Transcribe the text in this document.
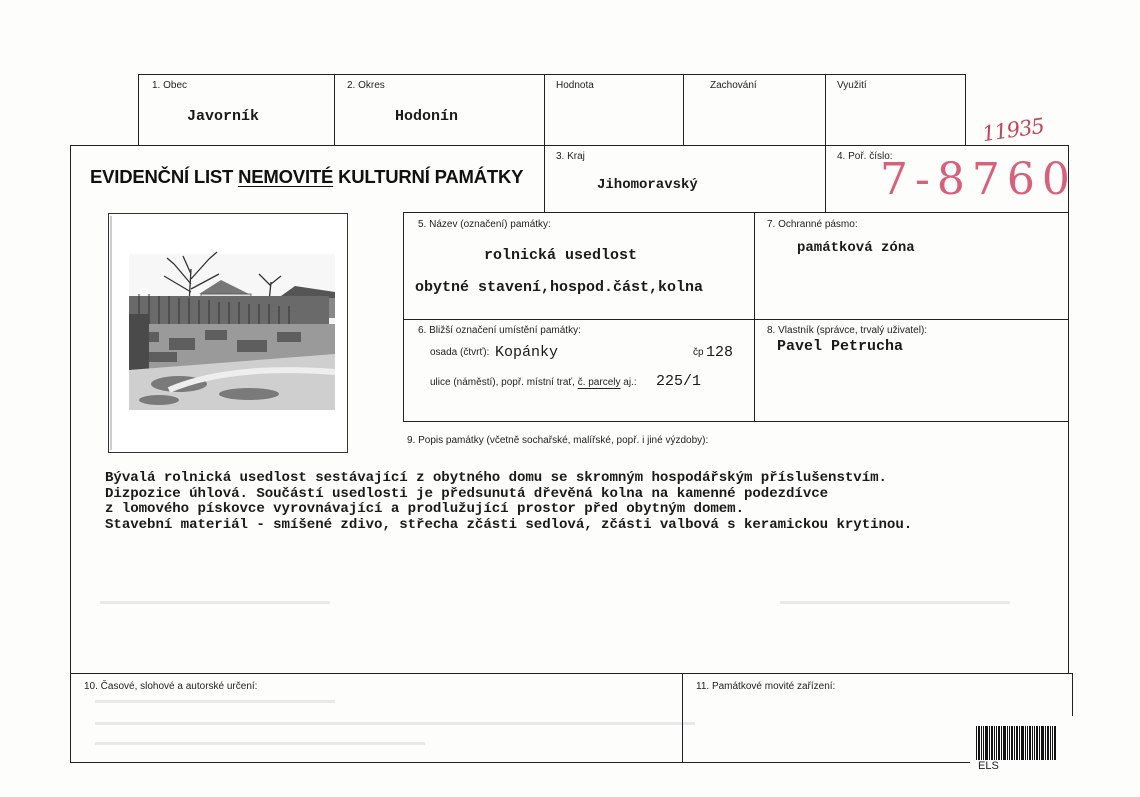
1. Obec
Javorník
2. Okres
Hodonín
Hodnota	Zachování	Využití
11935
EVIDENČNÍ LIST NEMOVITÉ KULTURNÍ PAMÁTKY
3. Kraj
Jihomoravský
4. Poř. číslo:
7-8760
5. Název (označení) památky:
rolnická usedlost
obytné stavení,hospod.část,kolna
7. Ochranné pásmo:
památková zóna
6. Bližší označení umístění památky:
osada (čtvrť): Kopánky	čp 128
ulice (náměstí), popř. místní trať, č. parcely aj.: 225/1
8. Vlastník (správce, trvalý uživatel):
Pavel Petrucha
9. Popis památky (včetně sochařské, malířské, popř. i jiné výzdoby):
Bývalá rolnická usedlost sestávající z obytného domu se skromným hospodářským příslušenstvím.
Dizpozice úhlová. Součástí usedlosti je předsunutá dřevěná kolna na kamenné podezdívce
z lomového pískovce vyrovnávající a prodlužující prostor před obytným domem.
Stavební materiál - smíšené zdivo, střecha zčásti sedlová, zčásti valbová s keramickou krytinou.
10. Časové, slohové a autorské určení:	11. Památkové movité zařízení:
ELS
